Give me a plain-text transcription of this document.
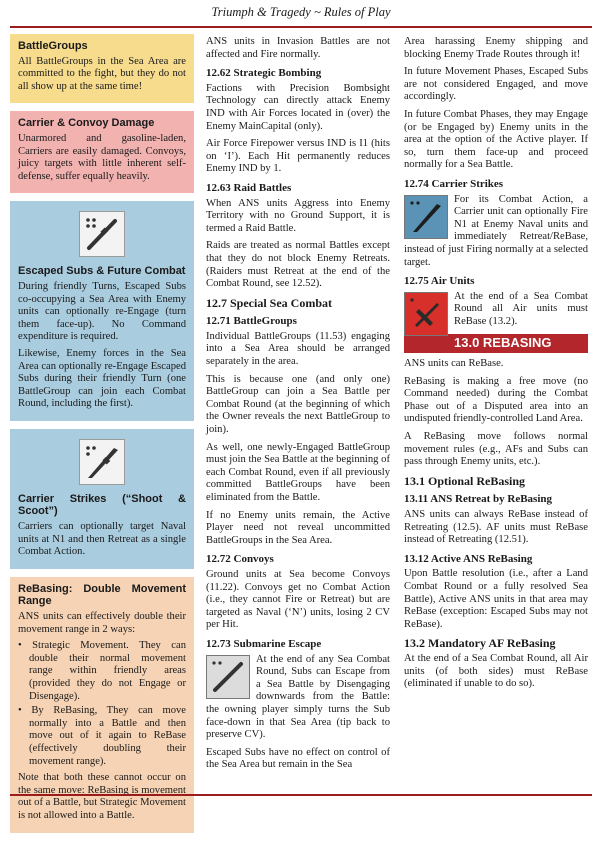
Triumph & Tragedy ~ Rules of Play
BattleGroups

All BattleGroups in the Sea Area are committed to the fight, but they do not all show up at the same time!

Carrier & Convoy Damage

Unarmored and gasoline-laden, Carriers are easily damaged. Convoys, juicy targets with little inherent self-defense, suffer equally heavily.

Escaped Subs & Future Combat

During friendly Turns, Escaped Subs co-occupying a Sea Area with Enemy units can optionally re-Engage (turn them face-up). No Command expenditure is required.

Likewise, Enemy forces in the Sea Area can optionally re-Engage Escaped Subs during their friendly Turn (one BattleGroup can join each Combat Round, including the first).

Carrier Strikes (“Shoot & Scoot”)

Carriers can optionally target Naval units at N1 and then Retreat as a single Combat Action.

ReBasing: Double Movement Range

ANS units can effectively double their movement range in 2 ways:

• Strategic Movement. They can double their normal movement range within friendly areas (provided they do not Engage or Disengage).
• By ReBasing, They can move normally into a Battle and then move out of it again to ReBase (effectively doubling their movement range).

Note that both these cannot occur on the same move: ReBasing is movement out of a Battle, but Strategic Movement is not allowed into a Battle.

ANS units in Invasion Battles are not affected and Fire normally.

12.62 Strategic Bombing

Factions with Precision Bombsight Technology can directly attack Enemy IND with Air Forces located in (over) the Enemy MainCapital (only).

Air Force Firepower versus IND is I1 (hits on ‘I’). Each Hit permanently reduces Enemy IND by 1.

12.63 Raid Battles

When ANS units Aggress into Enemy Territory with no Ground Support, it is termed a Raid Battle.

Raids are treated as normal Battles except that they do not block Enemy Retreats. (Raiders must Retreat at the end of the Combat Round, see 12.52).

12.7 Special Sea Combat
12.71 BattleGroups

Individual BattleGroups (11.53) engaging into a Sea Area should be arranged separately in the area.

This is because one (and only one) BattleGroup can join a Sea Battle per Combat Round (at the beginning of which the Owner reveals the next BattleGroup to join).

As well, one newly-Engaged BattleGroup must join the Sea Battle at the beginning of each Combat Round, even if all previously committed BattleGroups have been eliminated from the Battle.

If no Enemy units remain, the Active Player need not reveal uncommitted BattleGroups in the Sea Area.

12.72 Convoys

Ground units at Sea become Convoys (11.22). Convoys get no Combat Action (i.e., they cannot Fire or Retreat) but are targeted as Naval (‘N’) units, losing 2 CV per Hit.

12.73 Submarine Escape

At the end of any Sea Combat Round, Subs can Escape from a Sea Battle by Disengaging downwards from the Battle: the owning player simply turns the Sub face-down in that Sea Area (tip back to preserve CV).

Escaped Subs have no effect on control of the Sea Area but remain in the Sea

Area harassing Enemy shipping and blocking Enemy Trade Routes through it!

In future Movement Phases, Escaped Subs are not considered Engaged, and move accordingly.

In future Combat Phases, they may Engage (or be Engaged by) Enemy units in the area at the option of the Active player. If so, turn them face-up and proceed normally for a Sea Battle.

12.74 Carrier Strikes

For its Combat Action, a Carrier unit can optionally Fire N1 at Enemy Naval units and immediately Retreat/ReBase, instead of just Firing normally at a selected target.

12.75 Air Units

At the end of a Sea Combat Round all Air units must ReBase (13.2).

13.0 REBASING

ANS units can ReBase.

ReBasing is making a free move (no Command needed) during the Combat Phase out of a Disputed area into an undisputed friendly-controlled Land Area.

A ReBasing move follows normal movement rules (e.g., AFs and Subs can pass through Enemy units, etc.).

13.1 Optional ReBasing
13.11 ANS Retreat by ReBasing

ANS units can always ReBase instead of Retreating (12.5). AF units must ReBase instead of Retreating (12.51).

13.12 Active ANS ReBasing

Upon Battle resolution (i.e., after a Land Combat Round or a fully resolved Sea Battle), Active ANS units in that area may ReBase (exception: Escaped Subs may not ReBase).

13.2 Mandatory AF ReBasing

At the end of a Sea Combat Round, all Air units (of both sides) must ReBase (eliminated if unable to do so).
